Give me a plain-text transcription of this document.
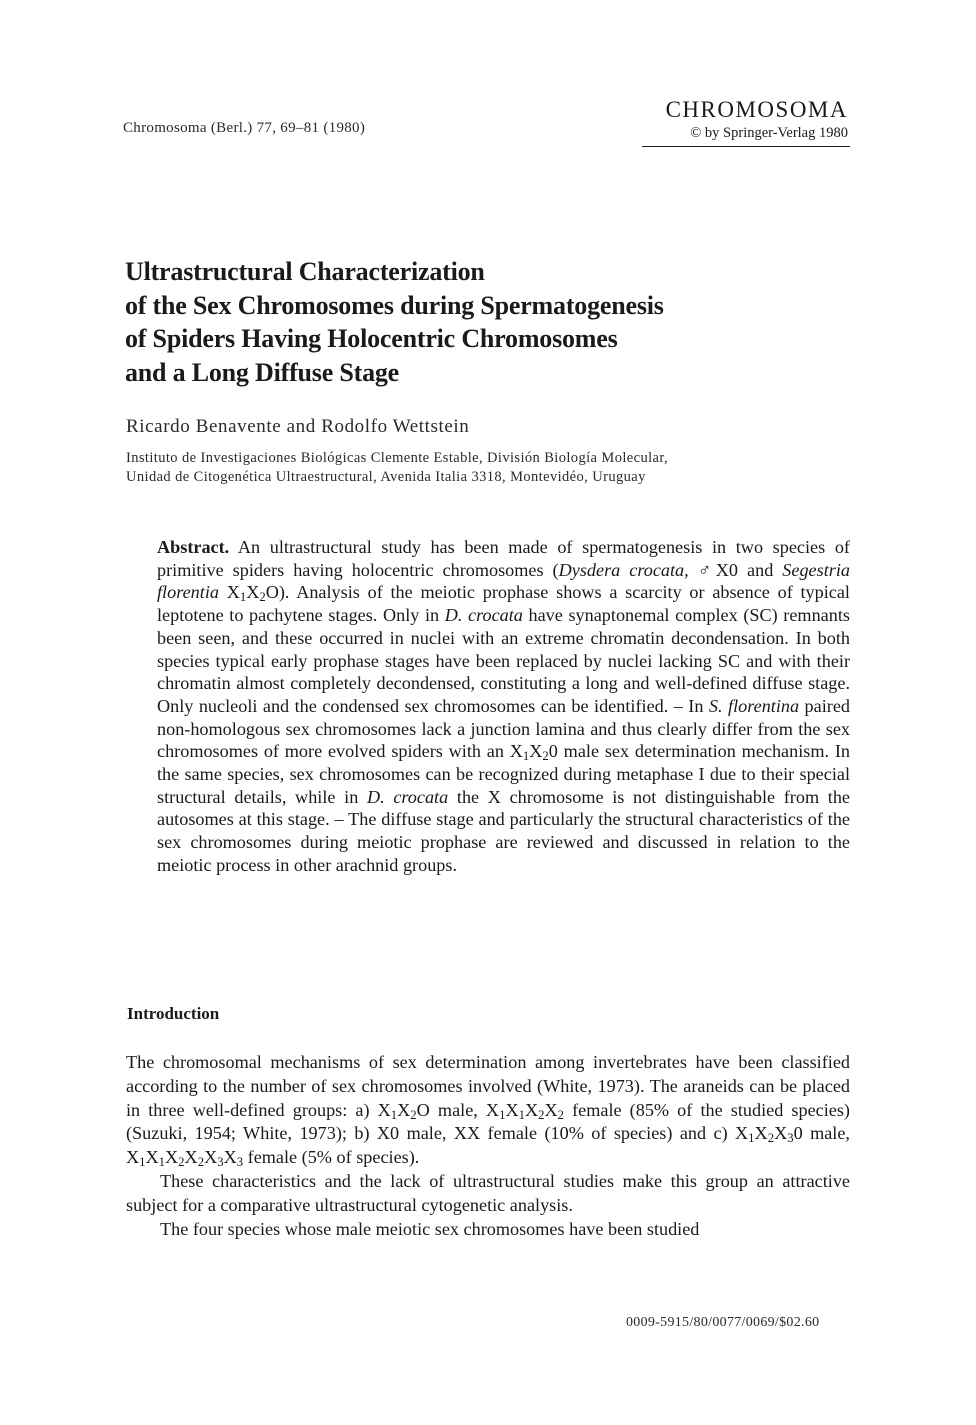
Chromosoma (Berl.) 77, 69–81 (1980)
CHROMOSOMA
© by Springer-Verlag 1980
Ultrastructural Characterization
of the Sex Chromosomes during Spermatogenesis
of Spiders Having Holocentric Chromosomes
and a Long Diffuse Stage
Ricardo Benavente and Rodolfo Wettstein
Instituto de Investigaciones Biológicas Clemente Estable, División Biología Molecular,
Unidad de Citogenética Ultraestructural, Avenida Italia 3318, Montevidéo, Uruguay
Abstract. An ultrastructural study has been made of spermatogenesis in two species of primitive spiders having holocentric chromosomes (Dysdera crocata, ♂X0 and Segestria florentia $X_1X_2O$). Analysis of the meiotic prophase shows a scarcity or absence of typical leptotene to pachytene stages. Only in D. crocata have synaptonemal complex (SC) remnants been seen, and these occurred in nuclei with an extreme chromatin decondensation. In both species typical early prophase stages have been replaced by nuclei lacking SC and with their chromatin almost completely decondensed, constituting a long and well-defined diffuse stage. Only nucleoli and the condensed sex chromosomes can be identified. – In S. florentina paired non-homologous sex chromosomes lack a junction lamina and thus clearly differ from the sex chromosomes of more evolved spiders with an $X_1X_20$ male sex determination mechanism. In the same species, sex chromosomes can be recognized during metaphase I due to their special structural details, while in D. crocata the X chromosome is not distinguishable from the autosomes at this stage. – The diffuse stage and particularly the structural characteristics of the sex chromosomes during meiotic prophase are reviewed and discussed in relation to the meiotic process in other arachnid groups.
Introduction

The chromosomal mechanisms of sex determination among invertebrates have been classified according to the number of sex chromosomes involved (White, 1973). The araneids can be placed in three well-defined groups: a) $X_1X_2O$ male, $X_1X_1X_2X_2$ female (85% of the studied species) (Suzuki, 1954; White, 1973); b) X0 male, XX female (10% of species) and c) $X_1X_2X_30$ male, $X_1X_1X_2X_2X_3X_3$ female (5% of species).

These characteristics and the lack of ultrastructural studies make this group an attractive subject for a comparative ultrastructural cytogenetic analysis.

The four species whose male meiotic sex chromosomes have been studied

0009-5915/80/0077/0069/$02.60
